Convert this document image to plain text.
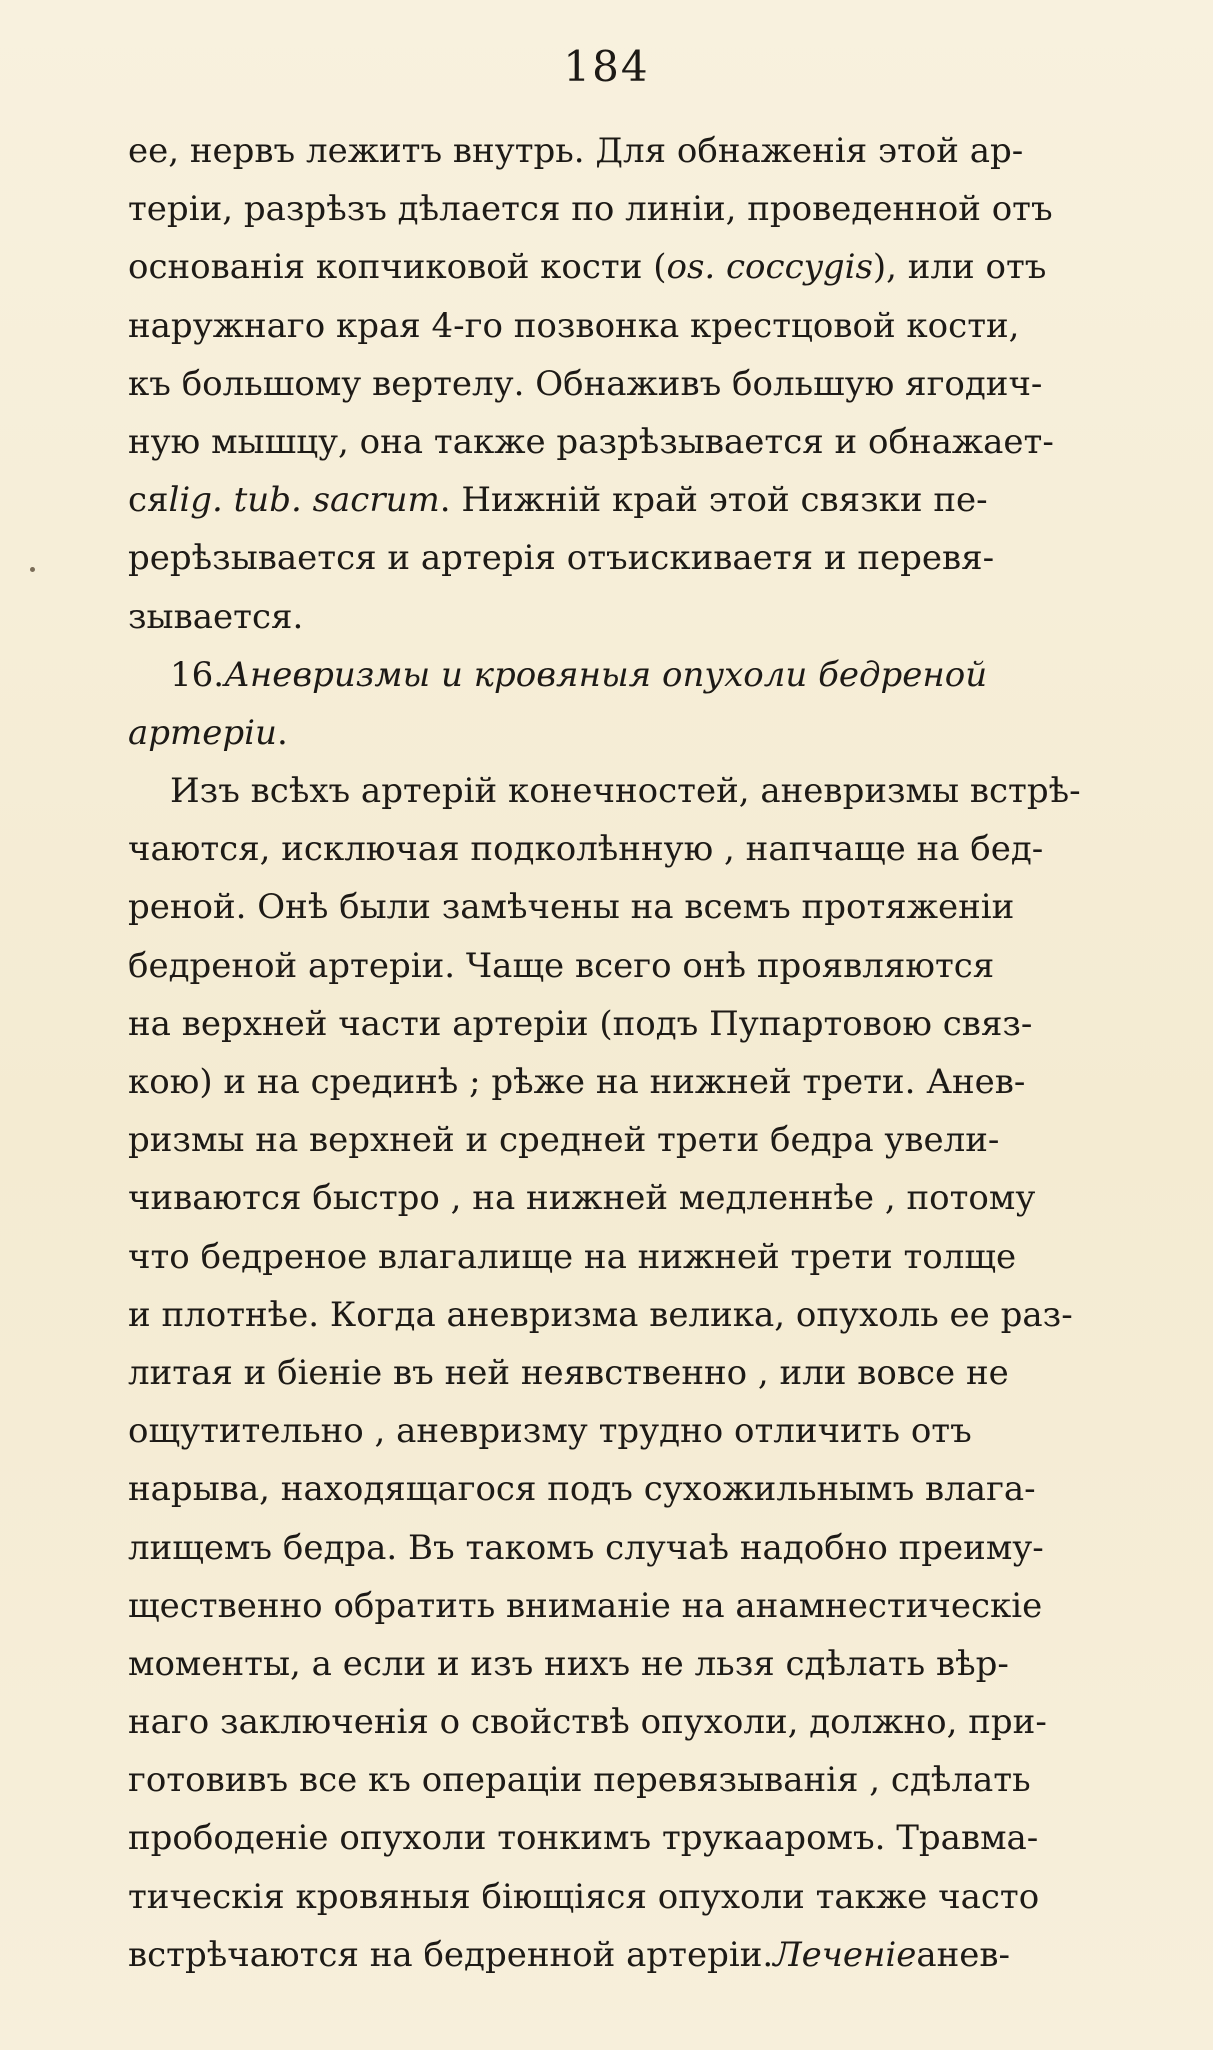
184
ее, нервъ лежитъ внутрь. Для обнаженія этой ар-
теріи, разрѣзъ дѣлается по линіи, проведенной отъ
основанія копчиковой кости (os. coccygis), или отъ
наружнаго края 4-го позвонка крестцовой кости,
къ большому вертелу. Обнаживъ большую ягодич-
ную мышцу, она также разрѣзывается и обнажает-
сяlig. tub. sacrum. Нижній край этой связки пе-
рерѣзывается и артерія отъискиваетя и перевя-
зывается.
16.Аневризмы и кровяныя опухоли бедреной
артеріи.
Изъ всѣхъ артерій конечностей, аневризмы встрѣ-
чаются, исключая подколѣнную , напчаще на бед-
реной. Онѣ были замѣчены на всемъ протяженіи
бедреной артеріи. Чаще всего онѣ проявляются
на верхней части артеріи (подъ Пупартовою связ-
кою) и на срединѣ ; рѣже на нижней трети. Анев-
ризмы на верхней и средней трети бедра увели-
чиваются быстро , на нижней медленнѣе , потому
что бедреное влагалище на нижней трети толще
и плотнѣе. Когда аневризма велика, опухоль ее раз-
литая и біеніе въ ней неявственно , или вовсе не
ощутительно , аневризму трудно отличить отъ
нарыва, находящагося подъ сухожильнымъ влага-
лищемъ бедра. Въ такомъ случаѣ надобно преиму-
щественно обратить вниманіе на анамнестическіе
моменты, а если и изъ нихъ не льзя сдѣлать вѣр-
наго заключенія о свойствѣ опухоли, должно, при-
готовивъ все къ операціи перевязыванія , сдѣлать
прободеніе опухоли тонкимъ трукааромъ. Травма-
тическія кровяныя біющіяся опухоли также часто
встрѣчаются на бедренной артеріи.Леченіеанев-
